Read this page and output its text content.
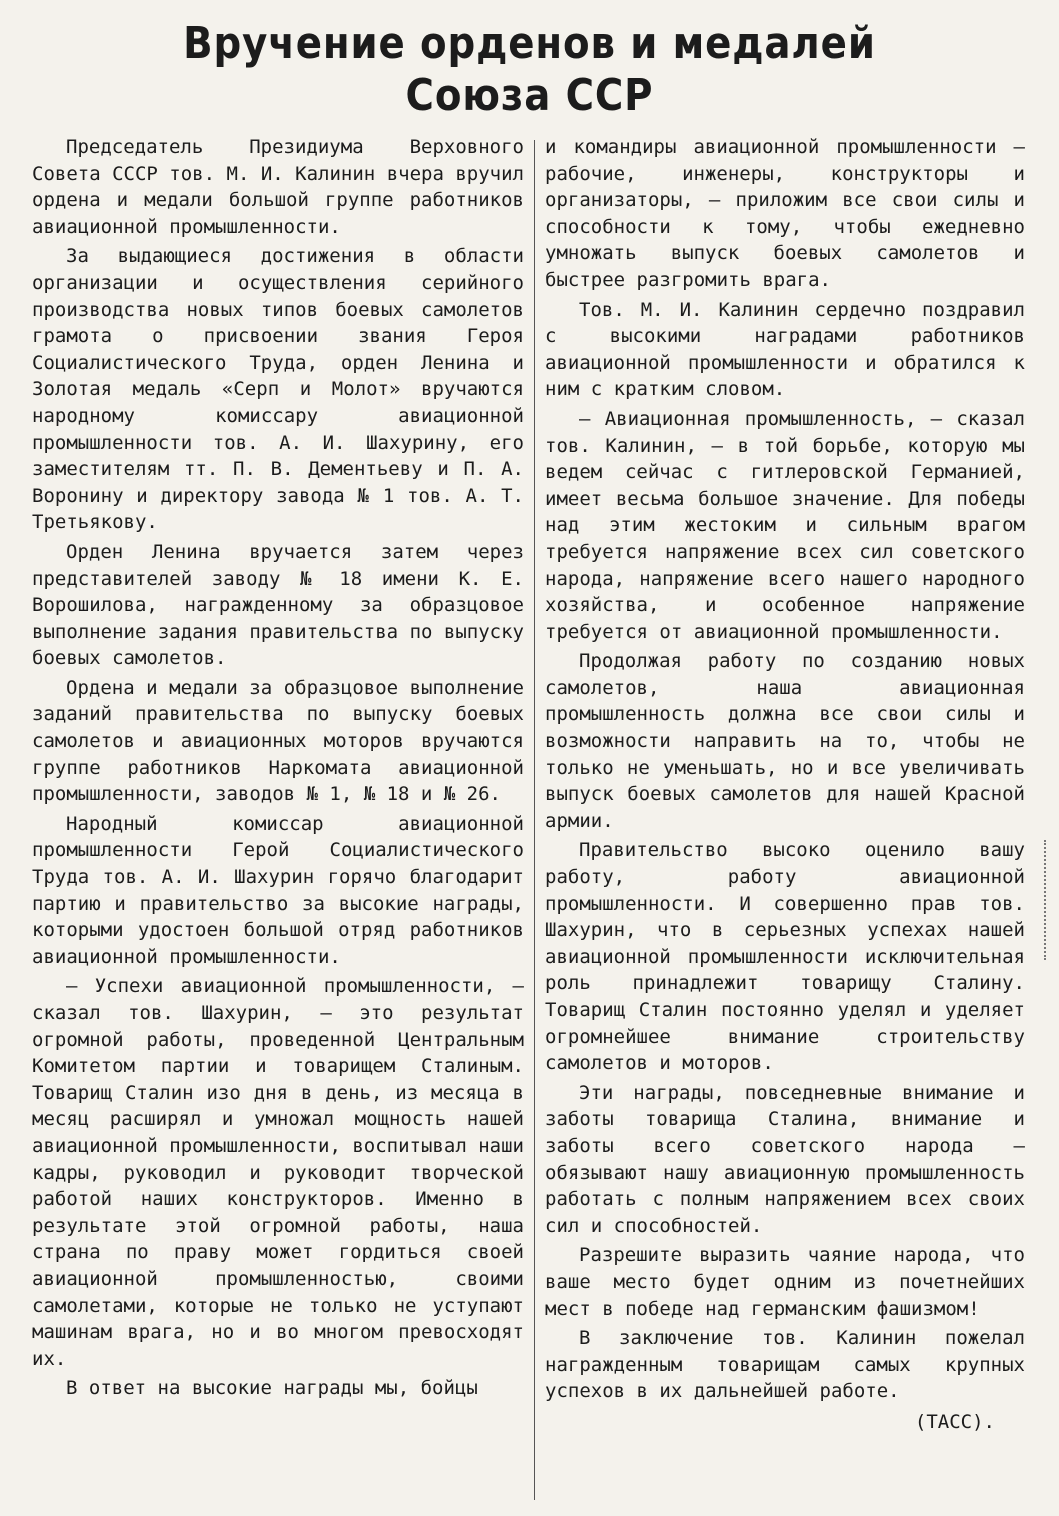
Вручение орденов и медалей
Союза ССР

Председатель Президиума Верховного Совета СССР тов. М. И. Калинин вчера вручил ордена и медали большой группе работников авиационной промышленности.

За выдающиеся достижения в области организации и осуществления серийного производства новых типов боевых самолетов грамота о присвоении звания Героя Социалистического Труда, орден Ленина и Золотая медаль «Серп и Молот» вручаются народному комиссару авиационной промышленности тов. А. И. Шахурину, его заместителям тт. П. В. Дементьеву и П. А. Воронину и директору завода № 1 тов. А. Т. Третьякову.

Орден Ленина вручается затем через представителей заводу № 18 имени К. Е. Ворошилова, награжденному за образцовое выполнение задания правительства по выпуску боевых самолетов.

Ордена и медали за образцовое выполнение заданий правительства по выпуску боевых самолетов и авиационных моторов вручаются группе работников Наркомата авиационной промышленности, заводов № 1, № 18 и № 26.

Народный комиссар авиационной промышленности Герой Социалистического Труда тов. А. И. Шахурин горячо благодарит партию и правительство за высокие награды, которыми удостоен большой отряд работников авиационной промышленности.

— Успехи авиационной промышленности, — сказал тов. Шахурин, — это результат огромной работы, проведенной Центральным Комитетом партии и товарищем Сталиным. Товарищ Сталин изо дня в день, из месяца в месяц расширял и умножал мощность нашей авиационной промышленности, воспитывал наши кадры, руководил и руководит творческой работой наших конструкторов. Именно в результате этой огромной работы, наша страна по праву может гордиться своей авиационной промышленностью, своими самолетами, которые не только не уступают машинам врага, но и во многом превосходят их.

В ответ на высокие награды мы, бойцы

и командиры авиационной промышленности — рабочие, инженеры, конструкторы и организаторы, — приложим все свои силы и способности к тому, чтобы ежедневно умножать выпуск боевых самолетов и быстрее разгромить врага.

Тов. М. И. Калинин сердечно поздравил с высокими наградами работников авиационной промышленности и обратился к ним с кратким словом.

— Авиационная промышленность, — сказал тов. Калинин, — в той борьбе, которую мы ведем сейчас с гитлеровской Германией, имеет весьма большое значение. Для победы над этим жестоким и сильным врагом требуется напряжение всех сил советского народа, напряжение всего нашего народного хозяйства, и особенное напряжение требуется от авиационной промышленности.

Продолжая работу по созданию новых самолетов, наша авиационная промышленность должна все свои силы и возможности направить на то, чтобы не только не уменьшать, но и все увеличивать выпуск боевых самолетов для нашей Красной армии.

Правительство высоко оценило вашу работу, работу авиационной промышленности. И совершенно прав тов. Шахурин, что в серьезных успехах нашей авиационной промышленности исключительная роль принадлежит товарищу Сталину. Товарищ Сталин постоянно уделял и уделяет огромнейшее внимание строительству самолетов и моторов.

Эти награды, повседневные внимание и заботы товарища Сталина, внимание и заботы всего советского народа — обязывают нашу авиационную промышленность работать с полным напряжением всех своих сил и способностей.

Разрешите выразить чаяние народа, что ваше место будет одним из почетнейших мест в победе над германским фашизмом!

В заключение тов. Калинин пожелал награжденным товарищам самых крупных успехов в их дальнейшей работе.

(ТАСС).
